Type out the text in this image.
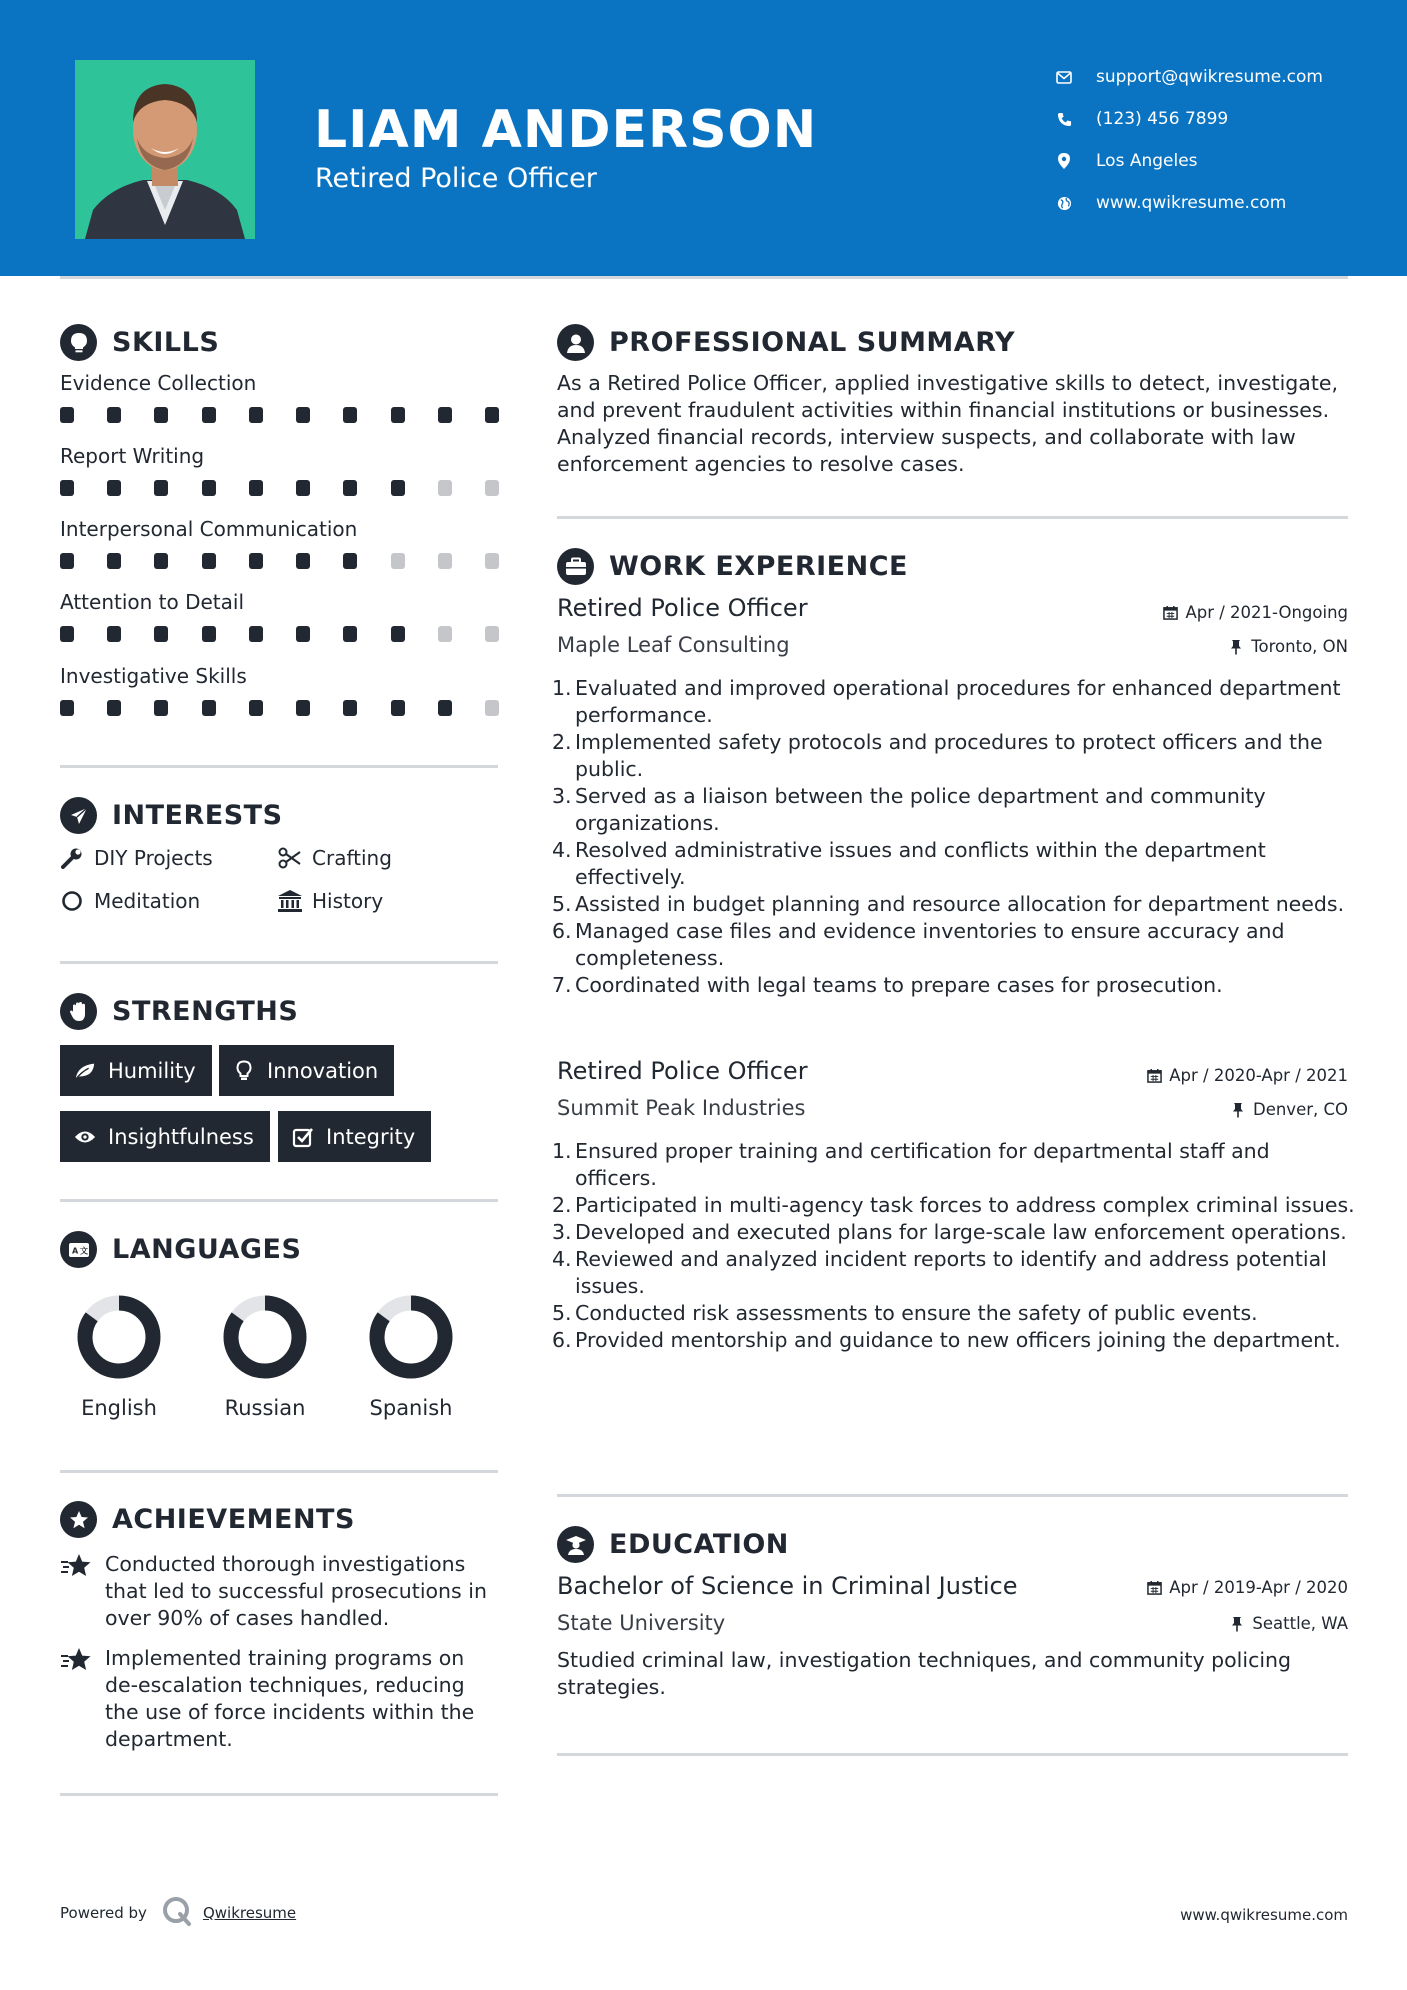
LIAM ANDERSON
Retired Police Officer
support@qwikresume.com
(123) 456 7899
Los Angeles
www.qwikresume.com
SKILLS
Evidence Collection
Report Writing
Interpersonal Communication
Attention to Detail
Investigative Skills
INTERESTS
DIY Projects	Crafting
Meditation	History
STRENGTHS
Humility	Innovation
Insightfulness	Integrity
A 文 LANGUAGES
English	Russian	Spanish
ACHIEVEMENTS
Conducted thorough investigations that led to successful prosecutions in over 90% of cases handled.
Implemented training programs on de-escalation techniques, reducing the use of force incidents within the department.
PROFESSIONAL SUMMARY
As a Retired Police Officer, applied investigative skills to detect, investigate, and prevent fraudulent activities within financial institutions or businesses. Analyzed financial records, interview suspects, and collaborate with law enforcement agencies to resolve cases.
WORK EXPERIENCE
Retired Police Officer	Apr / 2021-Ongoing
Maple Leaf Consulting	Toronto, ON
1. Evaluated and improved operational procedures for enhanced department performance.
2. Implemented safety protocols and procedures to protect officers and the public.
3. Served as a liaison between the police department and community organizations.
4. Resolved administrative issues and conflicts within the department effectively.
5. Assisted in budget planning and resource allocation for department needs.
6. Managed case files and evidence inventories to ensure accuracy and completeness.
7. Coordinated with legal teams to prepare cases for prosecution.
Retired Police Officer	Apr / 2020-Apr / 2021
Summit Peak Industries	Denver, CO
1. Ensured proper training and certification for departmental staff and officers.
2. Participated in multi-agency task forces to address complex criminal issues.
3. Developed and executed plans for large-scale law enforcement operations.
4. Reviewed and analyzed incident reports to identify and address potential issues.
5. Conducted risk assessments to ensure the safety of public events.
6. Provided mentorship and guidance to new officers joining the department.
EDUCATION
Bachelor of Science in Criminal Justice	Apr / 2019-Apr / 2020
State University	Seattle, WA
Studied criminal law, investigation techniques, and community policing strategies.
Powered by	Qwikresume	www.qwikresume.com
